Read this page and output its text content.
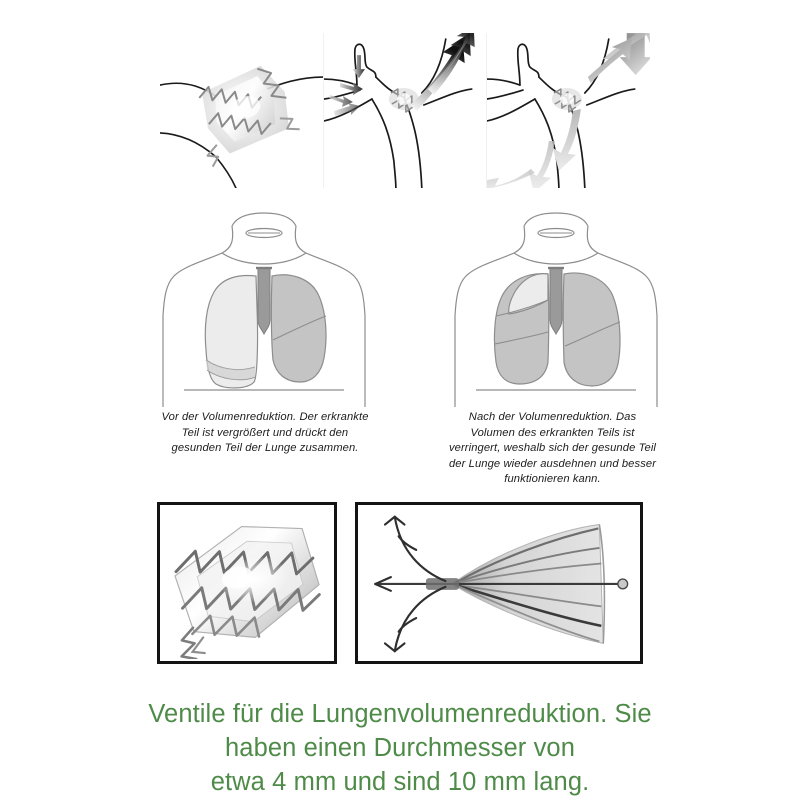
Vor der Volumenreduktion. Der erkrankte Teil ist vergrößert und drückt den gesunden Teil der Lunge zusammen.
Nach der Volumenreduktion. Das Volumen des erkrankten Teils ist verringert, weshalb sich der gesunde Teil der Lunge wieder ausdehnen und besser funktionieren kann.
Ventile für die Lungenvolumenreduktion. Sie
haben einen Durchmesser von
etwa 4 mm und sind 10 mm lang.
